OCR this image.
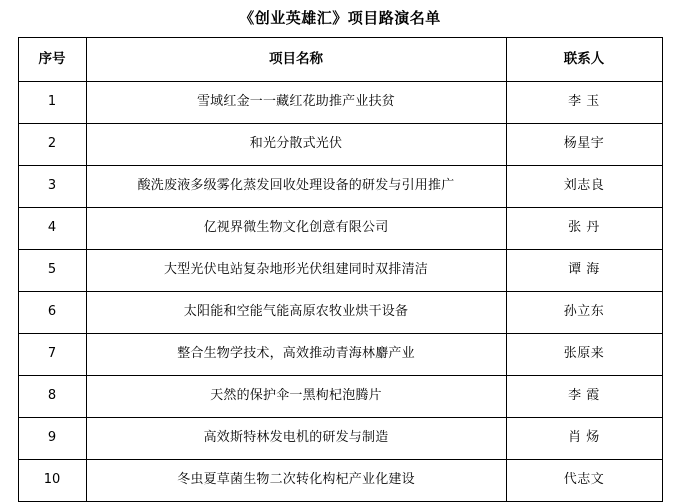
《创业英雄汇》项目路演名单
序号	项目名称	联系人
1	雪域红金一一藏红花助推产业扶贫	李 玉
2	和光分散式光伏	杨星宇
3	酸洗废液多级雾化蒸发回收处理设备的研发与引用推广	刘志良
4	亿视界微生物文化创意有限公司	张 丹
5	大型光伏电站复杂地形光伏组建同时双排清洁	谭 海
6	太阳能和空能气能高原农牧业烘干设备	孙立东
7	整合生物学技术，高效推动青海林麝产业	张原来
8	天然的保护伞一黑枸杞泡腾片	李 霞
9	高效斯特林发电机的研发与制造	肖 炀
10	冬虫夏草菌生物二次转化构杞产业化建设	代志文
